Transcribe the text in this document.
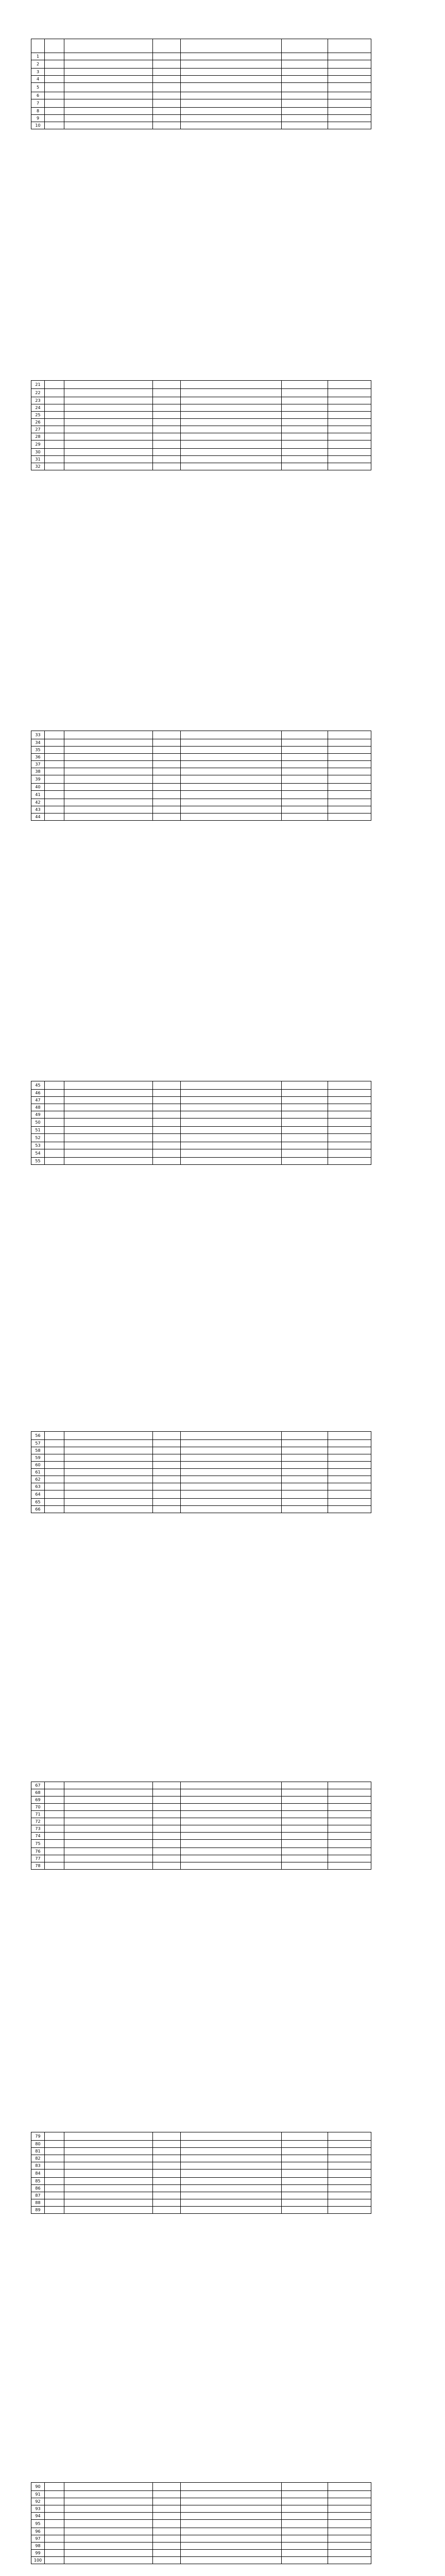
1						
2						
3						
4						
5						
6						
7						
8						
9						
10						
21						
22						
23						
24						
25						
26						
27						
28						
29						
30						
31						
32						
33						
34						
35						
36						
37						
38						
39						
40						
41						
42						
43						
44						
45						
46						
47						
48						
49						
50						
51						
52						
53						
54						
55						
56						
57						
58						
59						
60						
61						
62						
63						
64						
65						
66						
67						
68						
69						
70						
71						
72						
73						
74						
75						
76						
77						
78						
79						
80						
81						
82						
83						
84						
85						
86						
87						
88						
89						
90						
91						
92						
93						
94						
95						
96						
97						
98						
99						
100						
